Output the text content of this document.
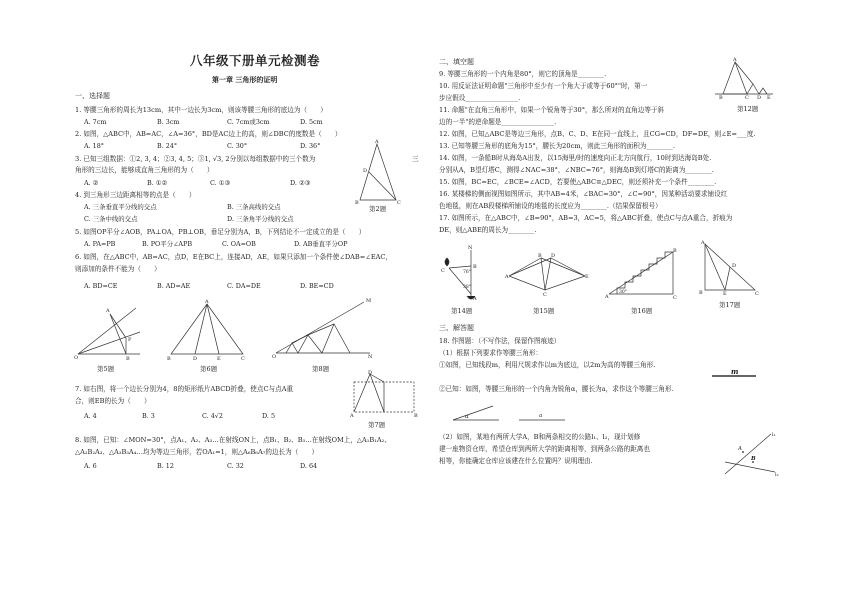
八年级下册单元检测卷
第一章 三角形的证明
一、选择题
1. 等腰三角形的周长为13cm，其中一边长为3cm，则该等腰三角形的底边为（　　）
A. 7cm	B. 3cm	C. 7cm或3cm	D. 5cm
2. 如图，△ABC中，AB=AC，∠A=36°，BD是AC边上的高，则∠DBC的度数是（　　）
A. 18°	B. 24°	C. 30°	D. 36°
3. 已知三组数据：①2, 3, 4；②3, 4, 5；③1, √3, 2分别以每组数据中的三个数为	三
角形的三边长，能够成直角三角形的为（　　）
A. ②	B. ①②	C. ①③	D. ②③
A
B	C
D
第2题
4. 到三角形三边距离相等的点是（　　）
A. 三条垂直平分线的交点	B. 三条高线的交点
C. 三条中线的交点	D. 三条角平分线的交点
5. 如图OP平分∠AOB，PA⊥OA，PB⊥OB，垂足分别为A，B，下列结论不一定成立的是（　　）
A. PA=PB	B. PO平分∠APB	C. OA=OB	D. AB垂直平分OP
6. 如图，在△ABC中，AB=AC，点D，E在BC上，连接AD，AE，如果只添加一个条件使∠DAB=∠EAC，
则添加的条件不能为（　　）
A. BD=CE	B. AD=AE	C. DA=DE	D. BE=CD
O
A
P
B
第5题
A
B	D	E	C
第6题
O
M
N
第8题
7. 如右图，将一个边长分别为4，8的矩形纸片ABCD折叠，使点C与点A重
合，则EB的长为（　　）
A. 4	B. 3	C. 4√2	D. 5	A
D
B
第7题
8. 如图，已知：∠MON=30°，点A₁、A₂、A₃…在射线ON上，点B₁、B₂、B₃…在射线OM上，△A₁B₁A₂、
△A₂B₂A₃、△A₃B₃A₄…均为等边三角形，若OA₁=1，则△A₆B₆A₇的边长为（　　）
A. 6	B. 12	C. 32	D. 64
二、填空题
9. 等腰三角形的一个内角是80°，则它的顶角是________.
10. 用反证法证明命题"三角形中至少有一个角大于或等于60°"时，第一
步应假设________________.
11. 命题"在直角三角形中，如果一个锐角等于30°，那么所对的直角边等于斜
边的一半"的逆命题是________________.
A
B	C D E
第12题
12. 如图，已知△ABC是等边三角形，点B、C、D、E在同一直线上，且CG=CD，DF=DE，则∠E=___度.
13. 已知等腰三角形的底角为15°，腰长为20cm，则此三角形的面积为________.
14. 如图，一条船B时从海岛A出发，以15海里/时的速度向正北方向航行，10时到达海岛B处.
分别从A，B望灯塔C，测得∠NAC=38°，∠NBC=76°，则海岛B到灯塔C的距离为________.
15. 如图，BC=EC，∠BCE=∠ACD，若要使△ABC≌△DEC，则还须补充一个条件________.
16. 某楼梯的侧面视图如图所示，其中AB=4米，∠BAC=30°，∠C=90°，因某种活动要求铺设红
色地毯，则在AB段楼梯所铺设的地毯的长度应为________.（结果保留根号）
17. 如图所示，在△ABC中，∠B=90°，AB=3，AC=5，将△ABC折叠，使点C与点A重合，折痕为
DE，则△ABE的周长为________.
N
B
C	76°
38°
A
第14题
A
B
C
D
E
第15题
A
B
C
30°
第16题
A
B	E
D
C
第17题
三、解答题
18. 作图题：（不写作法，保留作图痕迹）
（1）根据下列要求作等腰三角形：
①如图，已知线段m，利用尺规求作以m为底边，以2m为高的等腰三角形.
m
②已知：如图，等腰三角形的一个内角为锐角α，腰长为a，求作这个等腰三角形.
α	a
（2）如图，某地有两所大学A，B和两条相交的公路l₁、l₂，现计划修
建一座物资仓库，希望仓库到两所大学的距离相等，到两条公路的距离也
相等，你能确定仓库应该建在什么位置吗？说明理由.
A
B
l₁
l₂
